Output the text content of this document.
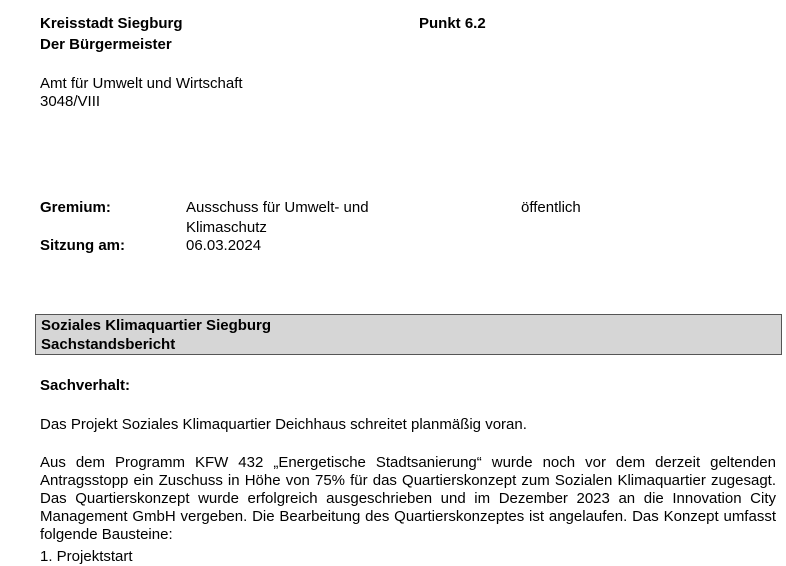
Kreisstadt Siegburg
Der Bürgermeister
Punkt 6.2
Amt für Umwelt und Wirtschaft
3048/VIII
Gremium:	Ausschuss für Umwelt- und
Klimaschutz
öffentlich
Sitzung am:	06.03.2024
Soziales Klimaquartier Siegburg
Sachstandsbericht
Sachverhalt:
Das Projekt Soziales Klimaquartier Deichhaus schreitet planmäßig voran.
Aus dem Programm KFW 432 „Energetische Stadtsanierung“ wurde noch vor dem derzeit geltenden Antragsstopp ein Zuschuss in Höhe von 75% für das Quartierskonzept zum Sozialen Klimaquartier zugesagt. Das Quartierskonzept wurde erfolgreich ausgeschrieben und im Dezember 2023 an die Innovation City Management GmbH vergeben. Die Bearbeitung des Quartierskonzeptes ist angelaufen. Das Konzept umfasst folgende Bausteine:
1. Projektstart
